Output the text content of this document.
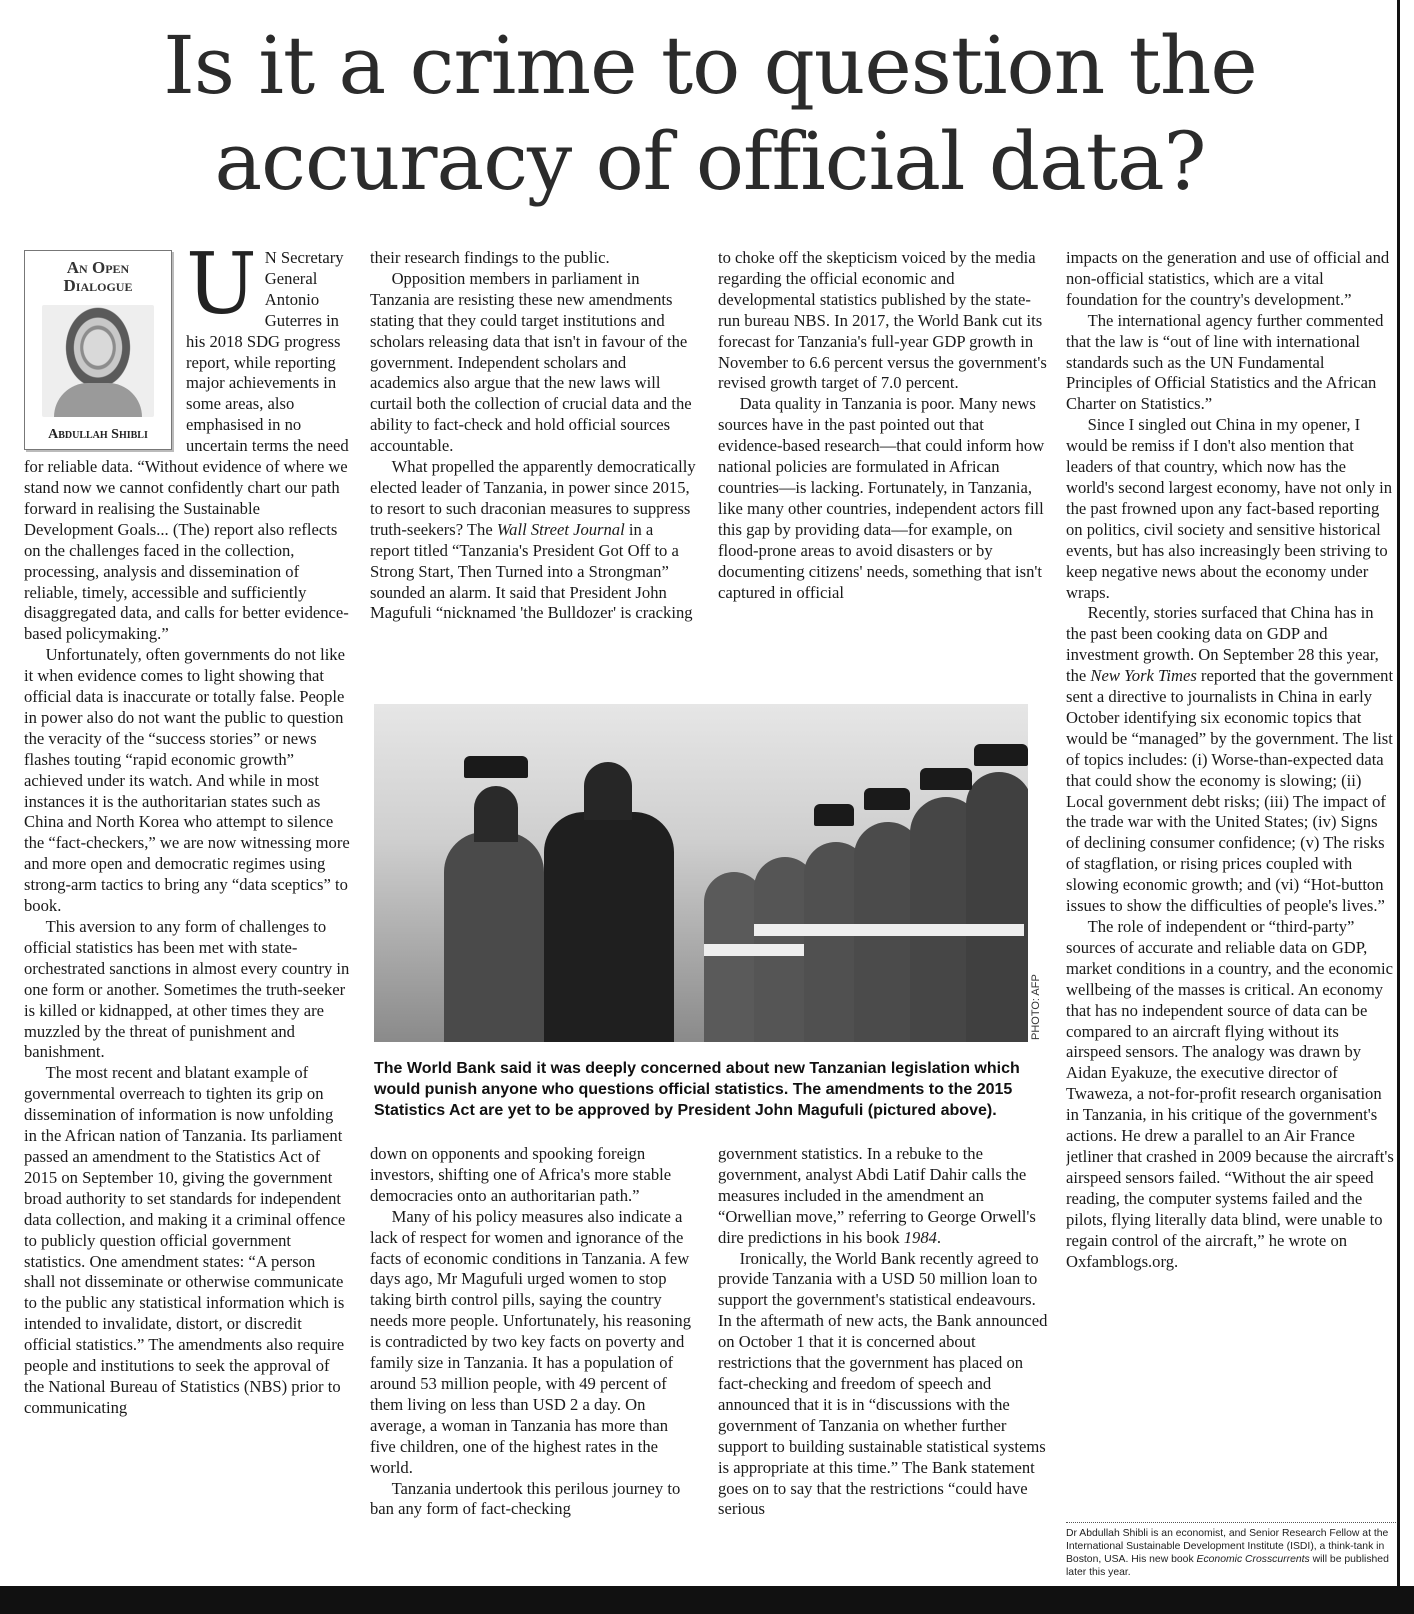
Is it a crime to question the accuracy of official data?
An Open Dialogue
Abdullah Shibli
U N Secretary General Antonio Guterres in his 2018 SDG progress report, while reporting major achievements in some areas, also emphasised in no uncertain terms the need for reliable data. “Without evidence of where we stand now we cannot confidently chart our path forward in realising the Sustainable Development Goals... (The) report also reflects on the challenges faced in the collection, processing, analysis and dissemination of reliable, timely, accessible and sufficiently disaggregated data, and calls for better evidence-based policymaking.”

Unfortunately, often governments do not like it when evidence comes to light showing that official data is inaccurate or totally false. People in power also do not want the public to question the veracity of the “success stories” or news flashes touting “rapid economic growth” achieved under its watch. And while in most instances it is the authoritarian states such as China and North Korea who attempt to silence the “fact-checkers,” we are now witnessing more and more open and democratic regimes using strong-arm tactics to bring any “data sceptics” to book.

This aversion to any form of challenges to official statistics has been met with state-orchestrated sanctions in almost every country in one form or another. Sometimes the truth-seeker is killed or kidnapped, at other times they are muzzled by the threat of punishment and banishment.

The most recent and blatant example of governmental overreach to tighten its grip on dissemination of information is now unfolding in the African nation of Tanzania. Its parliament passed an amendment to the Statistics Act of 2015 on September 10, giving the government broad authority to set standards for independent data collection, and making it a criminal offence to publicly question official government statistics. One amendment states: “A person shall not disseminate or otherwise communicate to the public any statistical information which is intended to invalidate, distort, or discredit official statistics.” The amendments also require people and institutions to seek the approval of the National Bureau of Statistics (NBS) prior to communicating

their research findings to the public.

Opposition members in parliament in Tanzania are resisting these new amendments stating that they could target institutions and scholars releasing data that isn't in favour of the government. Independent scholars and academics also argue that the new laws will curtail both the collection of crucial data and the ability to fact-check and hold official sources accountable.

What propelled the apparently democratically elected leader of Tanzania, in power since 2015, to resort to such draconian measures to suppress truth-seekers? The Wall Street Journal in a report titled “Tanzania's President Got Off to a Strong Start, Then Turned into a Strongman” sounded an alarm. It said that President John Magufuli “nicknamed 'the Bulldozer' is cracking

to choke off the skepticism voiced by the media regarding the official economic and developmental statistics published by the state-run bureau NBS. In 2017, the World Bank cut its forecast for Tanzania's full-year GDP growth in November to 6.6 percent versus the government's revised growth target of 7.0 percent.

Data quality in Tanzania is poor. Many news sources have in the past pointed out that evidence-based research—that could inform how national policies are formulated in African countries—is lacking. Fortunately, in Tanzania, like many other countries, independent actors fill this gap by providing data—for example, on flood-prone areas to avoid disasters or by documenting citizens' needs, something that isn't captured in official

PHOTO: AFP
The World Bank said it was deeply concerned about new Tanzanian legislation which would punish anyone who questions official statistics. The amendments to the 2015 Statistics Act are yet to be approved by President John Magufuli (pictured above).

down on opponents and spooking foreign investors, shifting one of Africa's more stable democracies onto an authoritarian path.”

Many of his policy measures also indicate a lack of respect for women and ignorance of the facts of economic conditions in Tanzania. A few days ago, Mr Magufuli urged women to stop taking birth control pills, saying the country needs more people. Unfortunately, his reasoning is contradicted by two key facts on poverty and family size in Tanzania. It has a population of around 53 million people, with 49 percent of them living on less than USD 2 a day. On average, a woman in Tanzania has more than five children, one of the highest rates in the world.

Tanzania undertook this perilous journey to ban any form of fact-checking

government statistics. In a rebuke to the government, analyst Abdi Latif Dahir calls the measures included in the amendment an “Orwellian move,” referring to George Orwell's dire predictions in his book 1984.

Ironically, the World Bank recently agreed to provide Tanzania with a USD 50 million loan to support the government's statistical endeavours. In the aftermath of new acts, the Bank announced on October 1 that it is concerned about restrictions that the government has placed on fact-checking and freedom of speech and announced that it is in “discussions with the government of Tanzania on whether further support to building sustainable statistical systems is appropriate at this time.” The Bank statement goes on to say that the restrictions “could have serious

impacts on the generation and use of official and non-official statistics, which are a vital foundation for the country's development.”

The international agency further commented that the law is “out of line with international standards such as the UN Fundamental Principles of Official Statistics and the African Charter on Statistics.”

Since I singled out China in my opener, I would be remiss if I don't also mention that leaders of that country, which now has the world's second largest economy, have not only in the past frowned upon any fact-based reporting on politics, civil society and sensitive historical events, but has also increasingly been striving to keep negative news about the economy under wraps.

Recently, stories surfaced that China has in the past been cooking data on GDP and investment growth. On September 28 this year, the New York Times reported that the government sent a directive to journalists in China in early October identifying six economic topics that would be “managed” by the government. The list of topics includes: (i) Worse-than-expected data that could show the economy is slowing; (ii) Local government debt risks; (iii) The impact of the trade war with the United States; (iv) Signs of declining consumer confidence; (v) The risks of stagflation, or rising prices coupled with slowing economic growth; and (vi) “Hot-button issues to show the difficulties of people's lives.”

The role of independent or “third-party” sources of accurate and reliable data on GDP, market conditions in a country, and the economic wellbeing of the masses is critical. An economy that has no independent source of data can be compared to an aircraft flying without its airspeed sensors. The analogy was drawn by Aidan Eyakuze, the executive director of Twaweza, a not-for-profit research organisation in Tanzania, in his critique of the government's actions. He drew a parallel to an Air France jetliner that crashed in 2009 because the aircraft's airspeed sensors failed. “Without the air speed reading, the computer systems failed and the pilots, flying literally data blind, were unable to regain control of the aircraft,” he wrote on Oxfamblogs.org.

Dr Abdullah Shibli is an economist, and Senior Research Fellow at the International Sustainable Development Institute (ISDI), a think-tank in Boston, USA. His new book Economic Crosscurrents will be published later this year.
